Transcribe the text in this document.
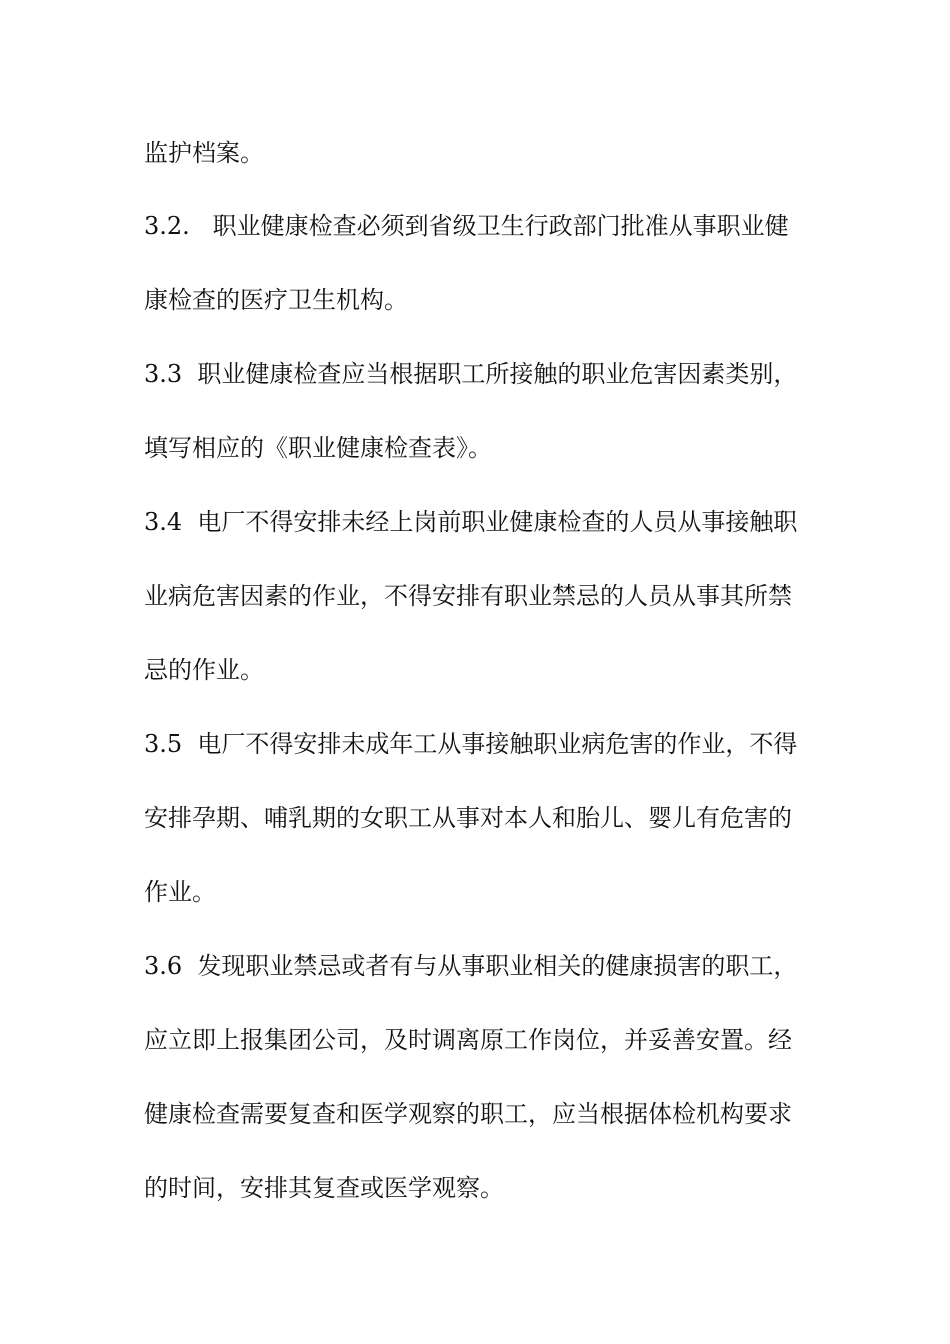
监护档案。
3.2.   职业健康检查必须到省级卫生行政部门批准从事职业健
康检查的医疗卫生机构。
3.3  职业健康检查应当根据职工所接触的职业危害因素类别，
填写相应的《职业健康检查表》。
3.4  电厂不得安排未经上岗前职业健康检查的人员从事接触职
业病危害因素的作业，不得安排有职业禁忌的人员从事其所禁
忌的作业。
3.5  电厂不得安排未成年工从事接触职业病危害的作业，不得
安排孕期、哺乳期的女职工从事对本人和胎儿、婴儿有危害的
作业。
3.6  发现职业禁忌或者有与从事职业相关的健康损害的职工，
应立即上报集团公司，及时调离原工作岗位，并妥善安置。经
健康检查需要复查和医学观察的职工，应当根据体检机构要求
的时间，安排其复查或医学观察。
